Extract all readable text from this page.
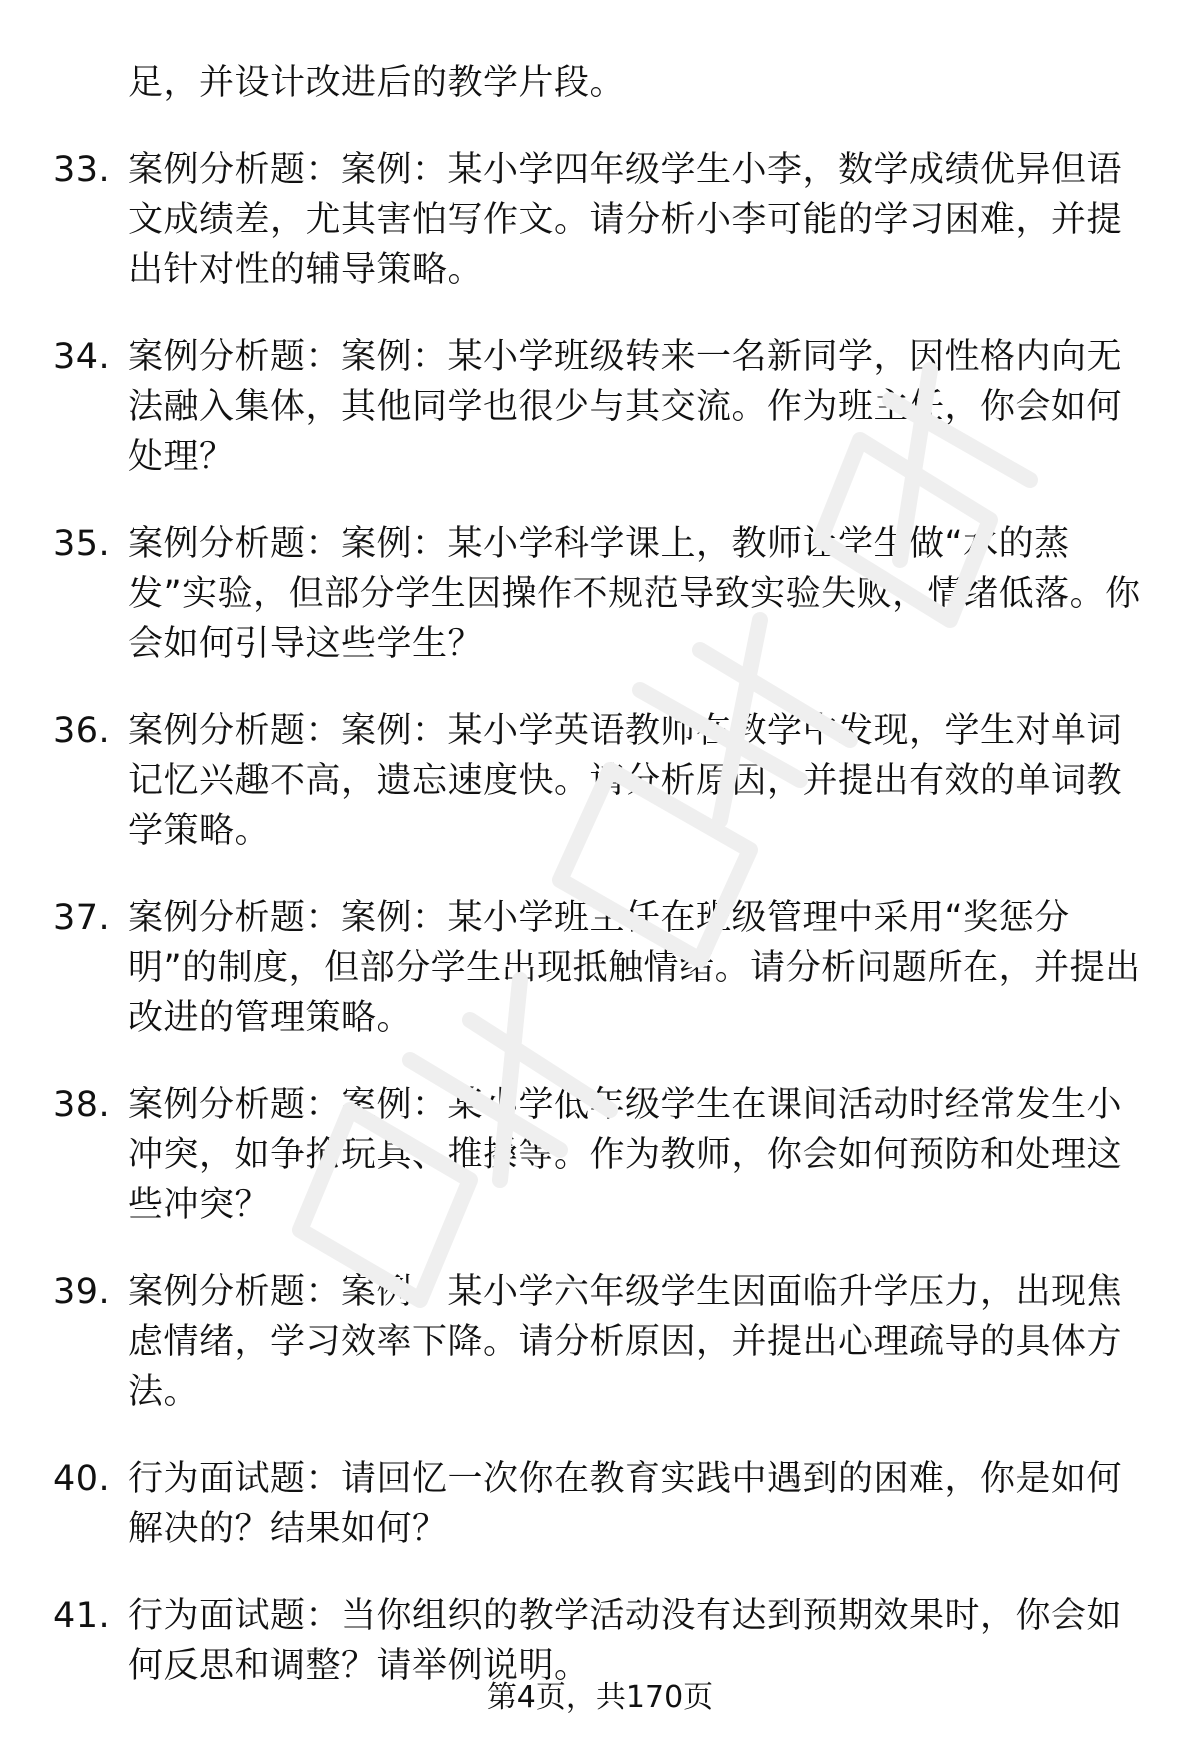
足，并设计改进后的教学片段。
33. 案例分析题：案例：某小学四年级学生小李，数学成绩优异但语文成绩差，尤其害怕写作文。请分析小李可能的学习困难，并提出针对性的辅导策略。
34. 案例分析题：案例：某小学班级转来一名新同学，因性格内向无法融入集体，其他同学也很少与其交流。作为班主任，你会如何处理？
35. 案例分析题：案例：某小学科学课上，教师让学生做“水的蒸发”实验，但部分学生因操作不规范导致实验失败，情绪低落。你会如何引导这些学生？
36. 案例分析题：案例：某小学英语教师在教学中发现，学生对单词记忆兴趣不高，遗忘速度快。请分析原因，并提出有效的单词教学策略。
37. 案例分析题：案例：某小学班主任在班级管理中采用“奖惩分明”的制度，但部分学生出现抵触情绪。请分析问题所在，并提出改进的管理策略。
38. 案例分析题：案例：某小学低年级学生在课间活动时经常发生小冲突，如争抢玩具、推搡等。作为教师，你会如何预防和处理这些冲突？
39. 案例分析题：案例：某小学六年级学生因面临升学压力，出现焦虑情绪，学习效率下降。请分析原因，并提出心理疏导的具体方法。
40. 行为面试题：请回忆一次你在教育实践中遇到的困难，你是如何解决的？结果如何？
41. 行为面试题：当你组织的教学活动没有达到预期效果时，你会如何反思和调整？请举例说明。
第4页，共170页
